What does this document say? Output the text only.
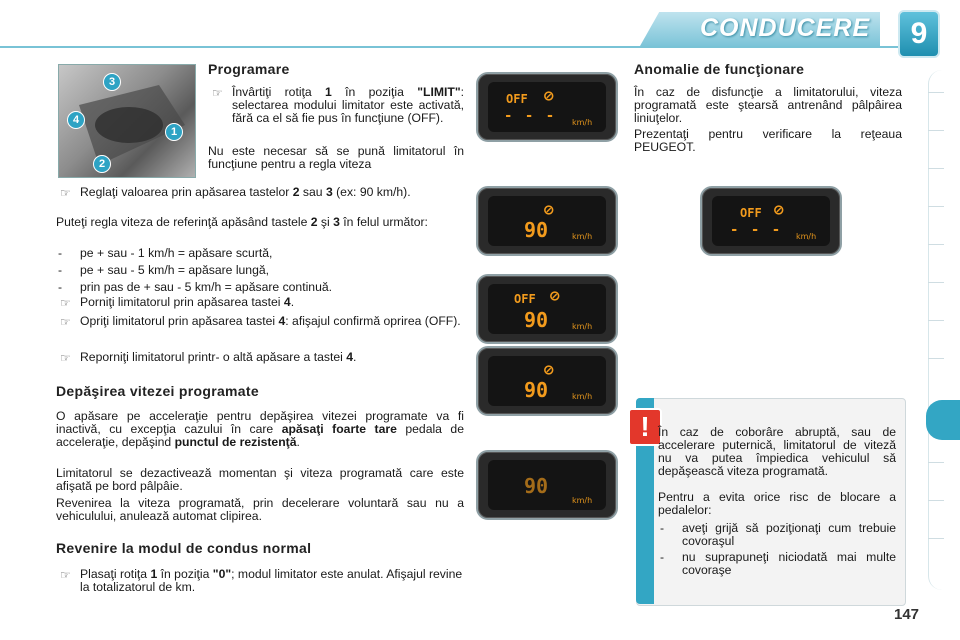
CONDUCERE	9
3
4
1
2
Programare
☞ Învârtiţi rotiţa 1 în poziţia "LIMIT": selectarea modului limitator este activată, fără ca el să fie pus în funcţiune (OFF).
Nu este necesar să se pună limitatorul în funcţiune pentru a regla viteza
☞ Reglaţi valoarea prin apăsarea tastelor 2 sau 3 (ex: 90 km/h).
Puteţi regla viteza de referinţă apăsând tastele 2 şi 3 în felul următor:
- pe + sau - 1 km/h = apăsare scurtă,
- pe + sau - 5 km/h = apăsare lungă,
- prin pas de + sau - 5 km/h = apăsare continuă.
☞ Porniţi limitatorul prin apăsarea tastei 4.
☞ Opriţi limitatorul prin apăsarea tastei 4: afişajul confirmă oprirea (OFF).
☞ Reporniţi limitatorul printr- o altă apăsare a tastei 4.
Depăşirea vitezei programate
O apăsare pe acceleraţie pentru depăşirea vitezei programate va fi inactivă, cu excepţia cazului în care apăsaţi foarte tare pedala de acceleraţie, depăşind punctul de rezistenţă.
Limitatorul se dezactivează momentan şi viteza programată care este afişată pe bord pâlpâie.
Revenirea la viteza programată, prin decelerare voluntară sau nu a vehiculului, anulează automat clipirea.
Revenire la modul de condus normal
☞ Plasaţi rotiţa 1 în poziţia "0"; modul limitator este anulat. Afişajul revine la totalizatorul de km.
OFF ⊘
- - - km/h
⊘
90	km/h
OFF ⊘
90	km/h
⊘
90	km/h
90
km/h
Anomalie de funcţionare
În caz de disfuncţie a limitatorului, viteza programată este ştearsă antrenând pâlpâirea liniuţelor.
Prezentaţi pentru verificare la reţeaua PEUGEOT.
OFF ⊘
- - - km/h
! În caz de coborâre abruptă, sau de accelerare puternică, limitatorul de viteză nu va putea împiedica vehiculul să depăşească viteza programată.
Pentru a evita orice risc de blocare a pedalelor:
- aveţi grijă să poziţionaţi cum trebuie covoraşul
- nu suprapuneţi niciodată mai multe covoraşe
147
